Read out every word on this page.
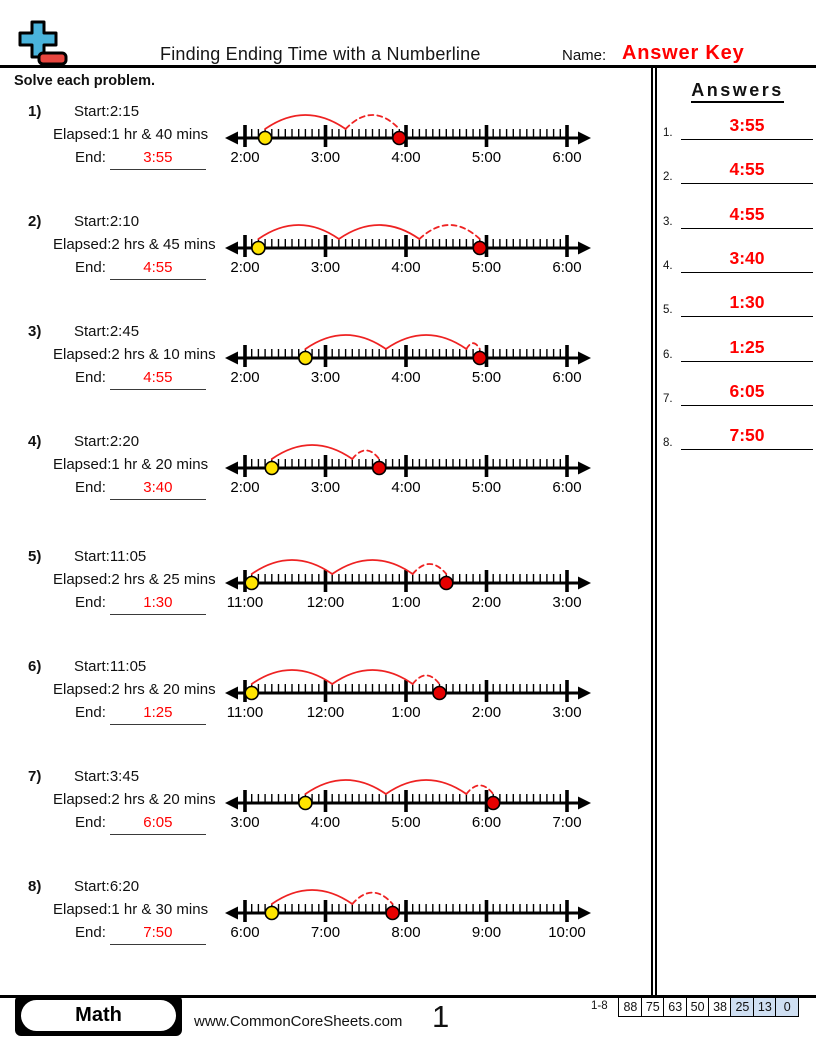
Finding Ending Time with a Numberline	Name: Answer Key
Solve each problem.
1) Start:2:15
Elapsed:1 hr & 40 mins
End: 3:55	2:00	3:00	4:00	5:00	6:00
2) Start:2:10
Elapsed:2 hrs & 45 mins
End: 4:55	2:00	3:00	4:00	5:00	6:00
3) Start:2:45
Elapsed:2 hrs & 10 mins
End: 4:55	2:00	3:00	4:00	5:00	6:00
4) Start:2:20
Elapsed:1 hr & 20 mins
End: 3:40	2:00	3:00	4:00	5:00	6:00
5) Start:11:05
Elapsed:2 hrs & 25 mins
End: 1:30	11:00	12:00	1:00	2:00	3:00
6) Start:11:05
Elapsed:2 hrs & 20 mins
End: 1:25	11:00	12:00	1:00	2:00	3:00
7) Start:3:45
Elapsed:2 hrs & 20 mins
End: 6:05	3:00	4:00	5:00	6:00	7:00
8) Start:6:20
Elapsed:1 hr & 30 mins
End: 7:50	6:00	7:00	8:00	9:00	10:00
Answers
1.	3:55
2.	4:55
3.	4:55
4.	3:40
5.	1:30
6.	1:25
7.	6:05
8.	7:50
Math	www.CommonCoreSheets.com 1	1-8	88 75 63 50 38 25 13 0
